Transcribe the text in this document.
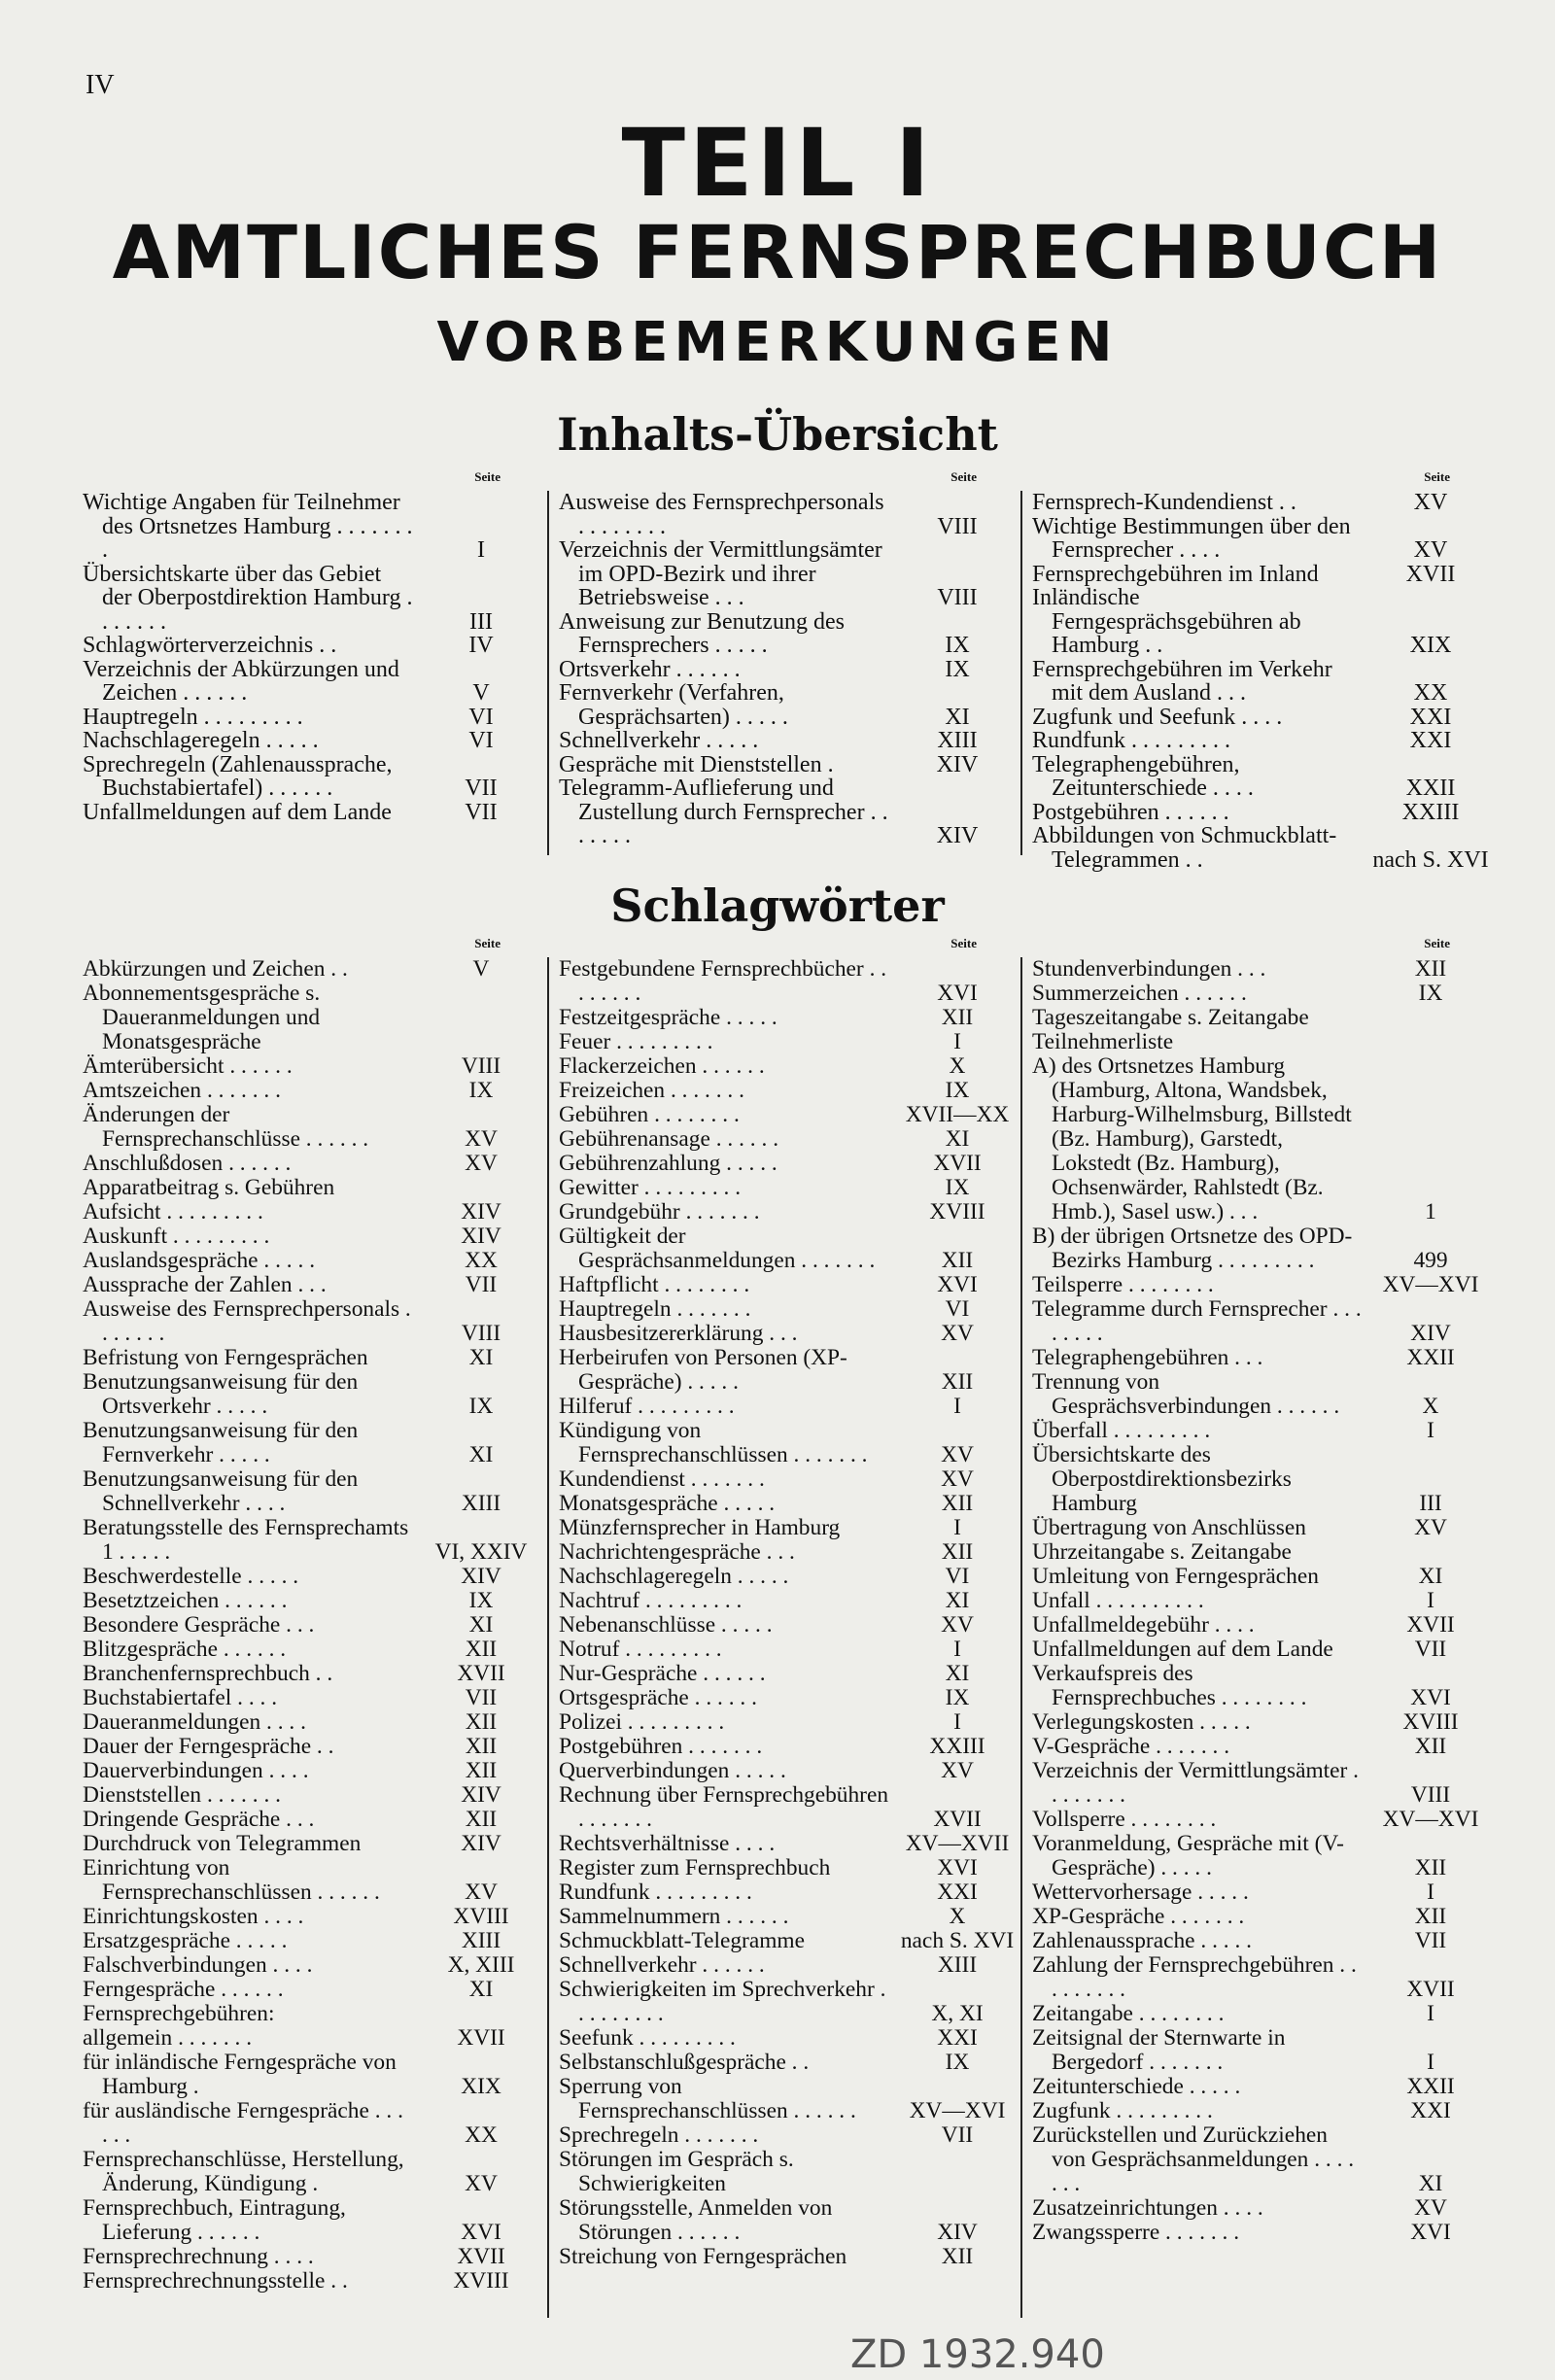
IV
TEIL I
AMTLICHES FERNSPRECHBUCH
VORBEMERKUNGEN
Inhalts-Übersicht
Schlagwörter
Seite
Wichtige Angaben für Teilnehmer des Ortsnetzes Hamburg . . . . . . . .	I
Übersichtskarte über das Gebiet der Oberpostdirektion Hamburg . . . . . . .	III
Schlagwörterverzeichnis . .	IV
Verzeichnis der Abkürzungen und Zeichen . . . . . .	V
Hauptregeln . . . . . . . . .	VI
Nachschlageregeln . . . . .	VI
Sprechregeln (Zahlenaussprache, Buchstabiertafel) . . . . . .	VII
Unfallmeldungen auf dem Lande	VII
Seite
Ausweise des Fernsprechpersonals . . . . . . . .	VIII
Verzeichnis der Vermittlungsämter im OPD-Bezirk und ihrer Betriebsweise . . .	VIII
Anweisung zur Benutzung des Fernsprechers . . . . .	IX
Ortsverkehr . . . . . .	IX
Fernverkehr (Verfahren, Gesprächsarten) . . . . .	XI
Schnellverkehr . . . . .	XIII
Gespräche mit Dienststellen .	XIV
Telegramm-Auflieferung und Zustellung durch Fernsprecher . . . . . . .	XIV
Seite
Fernsprech-Kundendienst . .	XV
Wichtige Bestimmungen über den Fernsprecher . . . .	XV
Fernsprechgebühren im Inland	XVII
Inländische Ferngesprächsgebühren ab Hamburg . .	XIX
Fernsprechgebühren im Verkehr mit dem Ausland . . .	XX
Zugfunk und Seefunk . . . .	XXI
Rundfunk . . . . . . . . .	XXI
Telegraphengebühren, Zeitunterschiede . . . .	XXII
Postgebühren . . . . . .	XXIII
Abbildungen von Schmuckblatt-Telegrammen . .	nach S. XVI
Seite
Abkürzungen und Zeichen . .	V
Abonnementsgespräche s. Daueranmeldungen und Monatsgespräche
Ämterübersicht . . . . . .	VIII
Amtszeichen . . . . . . .	IX
Änderungen der Fernsprechanschlüsse . . . . . .	XV
Anschlußdosen . . . . . .	XV
Apparatbeitrag s. Gebühren
Aufsicht . . . . . . . . .	XIV
Auskunft . . . . . . . . .	XIV
Auslandsgespräche . . . . .	XX
Aussprache der Zahlen . . .	VII
Ausweise des Fernsprechpersonals . . . . . . .	VIII
Befristung von Ferngesprächen	XI
Benutzungsanweisung für den Ortsverkehr . . . . .	IX
Benutzungsanweisung für den Fernverkehr . . . . .	XI
Benutzungsanweisung für den Schnellverkehr . . . .	XIII
Beratungsstelle des Fernsprechamts 1 . . . . .	VI, XXIV
Beschwerdestelle . . . . .	XIV
Besetztzeichen . . . . . .	IX
Besondere Gespräche . . .	XI
Blitzgespräche . . . . . .	XII
Branchenfernsprechbuch . .	XVII
Buchstabiertafel . . . .	VII
Daueranmeldungen . . . .	XII
Dauer der Ferngespräche . .	XII
Dauerverbindungen . . . .	XII
Dienststellen . . . . . . .	XIV
Dringende Gespräche . . .	XII
Durchdruck von Telegrammen	XIV
Einrichtung von Fernsprechanschlüssen . . . . . .	XV
Einrichtungskosten . . . .	XVIII
Ersatzgespräche . . . . .	XIII
Falschverbindungen . . . .	X, XIII
Ferngespräche . . . . . .	XI
Fernsprechgebühren:
allgemein . . . . . . .	XVII
für inländische Ferngespräche von Hamburg .	XIX
für ausländische Ferngespräche . . . . . .	XX
Fernsprechanschlüsse, Herstellung, Änderung, Kündigung .	XV
Fernsprechbuch, Eintragung, Lieferung . . . . . .	XVI
Fernsprechrechnung . . . .	XVII
Fernsprechrechnungsstelle . .	XVIII
Seite
Festgebundene Fernsprechbücher . . . . . . . .	XVI
Festzeitgespräche . . . . .	XII
Feuer . . . . . . . . .	I
Flackerzeichen . . . . . .	X
Freizeichen . . . . . . .	IX
Gebühren . . . . . . . .	XVII—XX
Gebührenansage . . . . . .	XI
Gebührenzahlung . . . . .	XVII
Gewitter . . . . . . . . .	IX
Grundgebühr . . . . . . .	XVIII
Gültigkeit der Gesprächsanmeldungen . . . . . . .	XII
Haftpflicht . . . . . . . .	XVI
Hauptregeln . . . . . . .	VI
Hausbesitzererklärung . . .	XV
Herbeirufen von Personen (XP-Gespräche) . . . . .	XII
Hilferuf . . . . . . . . .	I
Kündigung von Fernsprechanschlüssen . . . . . . .	XV
Kundendienst . . . . . . .	XV
Monatsgespräche . . . . .	XII
Münzfernsprecher in Hamburg	I
Nachrichtengespräche . . .	XII
Nachschlageregeln . . . . .	VI
Nachtruf . . . . . . . . .	XI
Nebenanschlüsse . . . . .	XV
Notruf . . . . . . . . .	I
Nur-Gespräche . . . . . .	XI
Ortsgespräche . . . . . .	IX
Polizei . . . . . . . . .	I
Postgebühren . . . . . . .	XXIII
Querverbindungen . . . . .	XV
Rechnung über Fernsprechgebühren . . . . . . .	XVII
Rechtsverhältnisse . . . .	XV—XVII
Register zum Fernsprechbuch	XVI
Rundfunk . . . . . . . . .	XXI
Sammelnummern . . . . . .	X
Schmuckblatt-Telegramme	nach S. XVI
Schnellverkehr . . . . . .	XIII
Schwierigkeiten im Sprechverkehr . . . . . . . . .	X, XI
Seefunk . . . . . . . . .	XXI
Selbstanschlußgespräche . .	IX
Sperrung von Fernsprechanschlüssen . . . . . .	XV—XVI
Sprechregeln . . . . . . .	VII
Störungen im Gespräch s. Schwierigkeiten
Störungsstelle, Anmelden von Störungen . . . . . .	XIV
Streichung von Ferngesprächen	XII
Seite
Stundenverbindungen . . .	XII
Summerzeichen . . . . . .	IX
Tageszeitangabe s. Zeitangabe
Teilnehmerliste
A) des Ortsnetzes Hamburg (Hamburg, Altona, Wandsbek, Harburg-Wilhelmsburg, Billstedt (Bz. Hamburg), Garstedt, Lokstedt (Bz. Hamburg), Ochsenwärder, Rahlstedt (Bz. Hmb.), Sasel usw.) . . .	1
B) der übrigen Ortsnetze des OPD-Bezirks Hamburg . . . . . . . . .	499
Teilsperre . . . . . . . .	XV—XVI
Telegramme durch Fernsprecher . . . . . . . .	XIV
Telegraphengebühren . . .	XXII
Trennung von Gesprächsverbindungen . . . . . .	X
Überfall . . . . . . . . .	I
Übersichtskarte des Oberpostdirektionsbezirks Hamburg	III
Übertragung von Anschlüssen	XV
Uhrzeitangabe s. Zeitangabe
Umleitung von Ferngesprächen	XI
Unfall . . . . . . . . . .	I
Unfallmeldegebühr . . . .	XVII
Unfallmeldungen auf dem Lande	VII
Verkaufspreis des Fernsprechbuches . . . . . . . .	XVI
Verlegungskosten . . . . .	XVIII
V-Gespräche . . . . . . .	XII
Verzeichnis der Vermittlungsämter . . . . . . . .	VIII
Vollsperre . . . . . . . .	XV—XVI
Voranmeldung, Gespräche mit (V-Gespräche) . . . . .	XII
Wettervorhersage . . . . .	I
XP-Gespräche . . . . . . .	XII
Zahlenaussprache . . . . .	VII
Zahlung der Fernsprechgebühren . . . . . . . . .	XVII
Zeitangabe . . . . . . . .	I
Zeitsignal der Sternwarte in Bergedorf . . . . . . .	I
Zeitunterschiede . . . . .	XXII
Zugfunk . . . . . . . . .	XXI
Zurückstellen und Zurückziehen von Gesprächsanmeldungen . . . . . . .	XI
Zusatzeinrichtungen . . . .	XV
Zwangssperre . . . . . . .	XVI
ZD 1932.940
